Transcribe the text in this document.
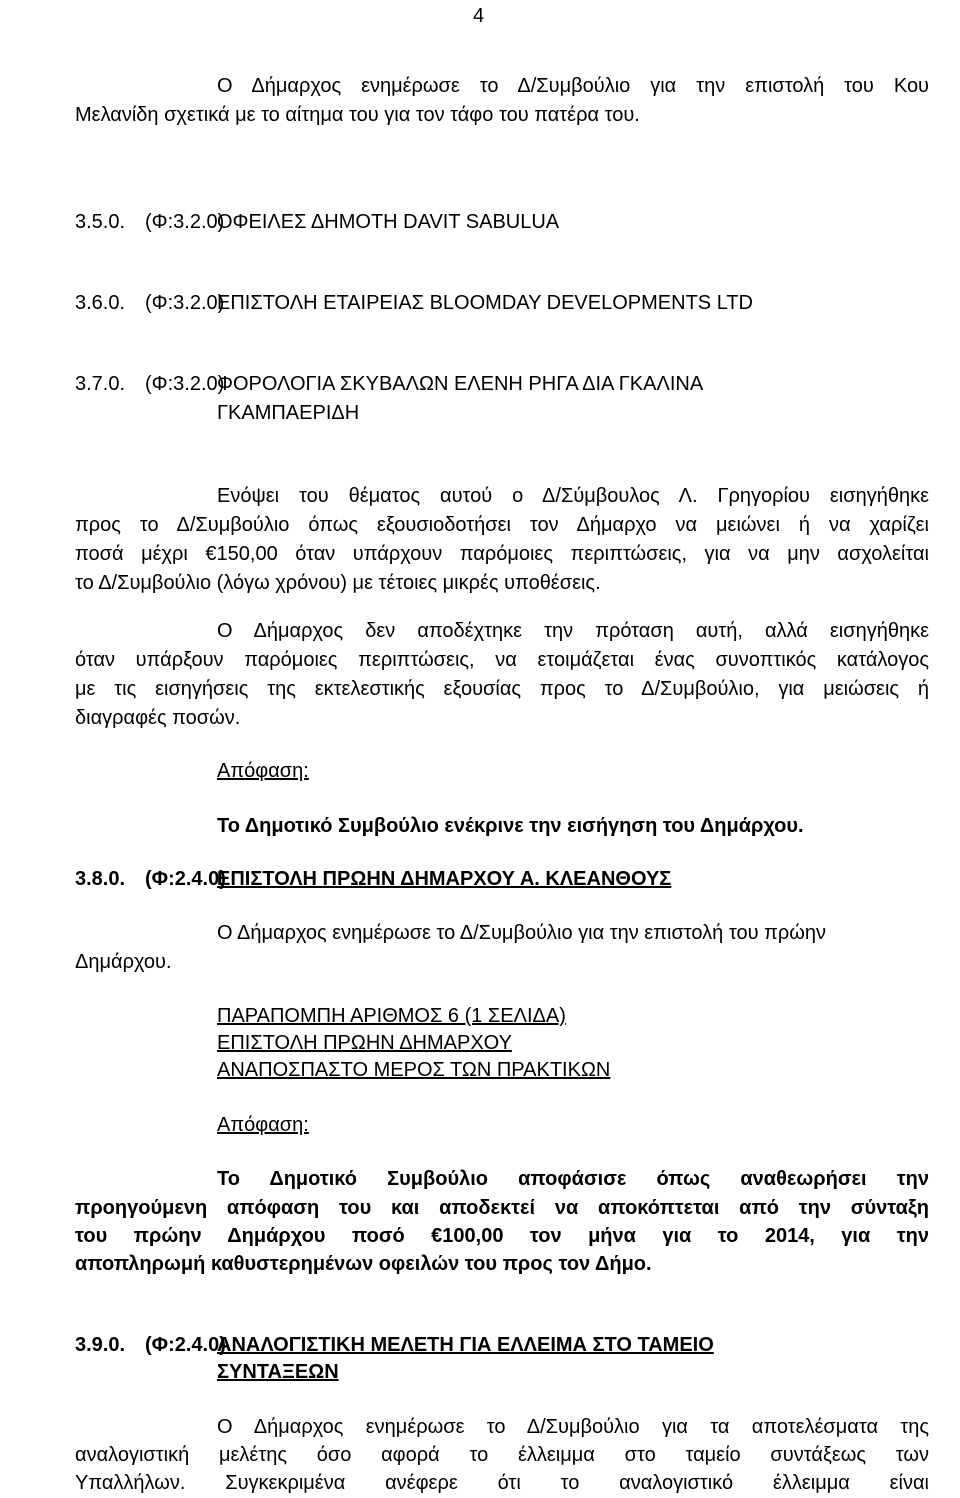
4
Ο Δήμαρχος ενημέρωσε το Δ/Συμβούλιο για την επιστολή του Κου
Μελανίδη σχετικά με το αίτημα του για τον τάφο του πατέρα του.
3.5.0. (Φ:3.2.0)
ΟΦΕΙΛΕΣ ΔΗΜΟΤΗ DAVIT SABULUA
3.6.0. (Φ:3.2.0)
ΕΠΙΣΤΟΛΗ ΕΤΑΙΡΕΙΑΣ BLOOMDAY DEVELOPMENTS LTD
3.7.0. (Φ:3.2.0)
ΦΟΡΟΛΟΓΙΑ ΣΚΥΒΑΛΩΝ ΕΛΕΝΗ ΡΗΓΑ ΔΙΑ ΓΚΑΛΙΝΑ
ΓΚΑΜΠΑΕΡΙΔΗ
Ενόψει του θέματος αυτού ο Δ/Σύμβουλος Λ. Γρηγορίου εισηγήθηκε
προς το Δ/Συμβούλιο όπως εξουσιοδοτήσει τον Δήμαρχο να μειώνει ή να χαρίζει
ποσά μέχρι €150,00 όταν υπάρχουν παρόμοιες περιπτώσεις, για να μην ασχολείται
το Δ/Συμβούλιο (λόγω χρόνου) με τέτοιες μικρές υποθέσεις.
Ο Δήμαρχος δεν αποδέχτηκε την πρόταση αυτή, αλλά εισηγήθηκε
όταν υπάρξουν παρόμοιες περιπτώσεις, να ετοιμάζεται ένας συνοπτικός κατάλογος
με τις εισηγήσεις της εκτελεστικής εξουσίας προς το Δ/Συμβούλιο, για μειώσεις ή
διαγραφές ποσών.
Απόφαση:
Το Δημοτικό Συμβούλιο ενέκρινε την εισήγηση του Δημάρχου.
3.8.0. (Φ:2.4.0)
ΕΠΙΣΤΟΛΗ ΠΡΩΗΝ ΔΗΜΑΡΧΟΥ Α. ΚΛΕΑΝΘΟΥΣ
Ο Δήμαρχος ενημέρωσε το Δ/Συμβούλιο για την επιστολή του πρώην
Δημάρχου.
ΠΑΡΑΠΟΜΠΗ ΑΡΙΘΜΟΣ 6 (1 ΣΕΛΙΔΑ)
ΕΠΙΣΤΟΛΗ ΠΡΩΗΝ ΔΗΜΑΡΧΟΥ
ΑΝΑΠΟΣΠΑΣΤΟ ΜΕΡΟΣ ΤΩΝ ΠΡΑΚΤΙΚΩΝ
Απόφαση:
Το Δημοτικό Συμβούλιο αποφάσισε όπως αναθεωρήσει την
προηγούμενη απόφαση του και αποδεκτεί να αποκόπτεται από την σύνταξη
του πρώην Δημάρχου ποσό €100,00 τον μήνα για το 2014, για την
αποπληρωμή καθυστερημένων οφειλών του προς τον Δήμο.
3.9.0. (Φ:2.4.0)
ΑΝΑΛΟΓΙΣΤΙΚΗ ΜΕΛΕΤΗ ΓΙΑ ΕΛΛΕΙΜΑ ΣΤΟ ΤΑΜΕΙΟ
ΣΥΝΤΑΞΕΩΝ
Ο Δήμαρχος ενημέρωσε το Δ/Συμβούλιο για τα αποτελέσματα της
αναλογιστική μελέτης όσο αφορά το έλλειμμα στο ταμείο συντάξεως των
Υπαλλήλων. Συγκεκριμένα ανέφερε ότι το αναλογιστικό έλλειμμα είναι
